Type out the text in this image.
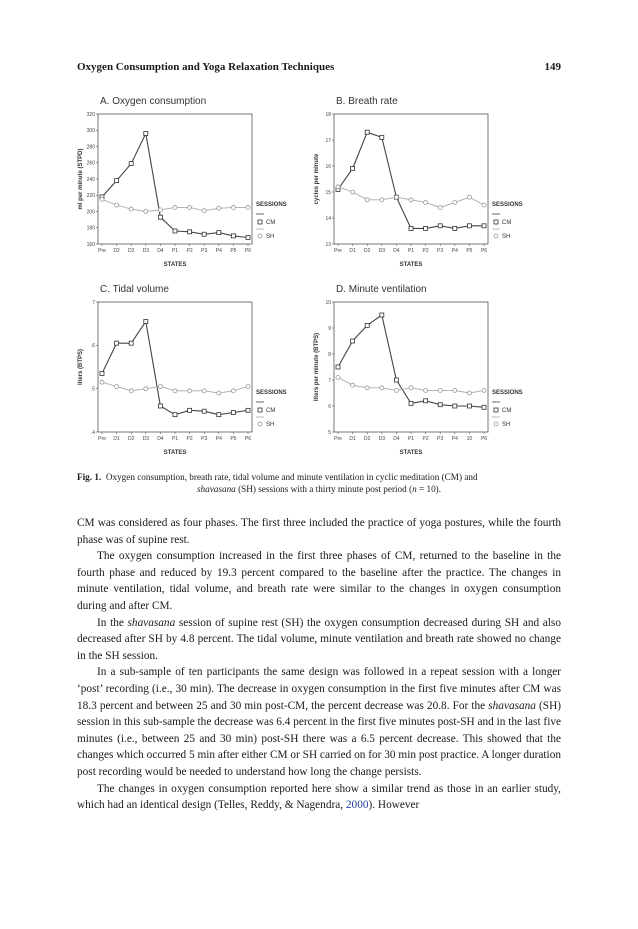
Oxygen Consumption and Yoga Relaxation Techniques	149
A. Oxygen consumption
160
180
200
220
240
260
280
300
320
Pre D2 D2 D3 D4 P1 P2 P3 P4 P5 P6
STATES
ml per minute (STPD)	SESSIONS
CM
SH
B. Breath rate
13
14
15
16
17
18
Pre D1 D2 D3 D4 P1 P2 P3 P4 P5 P6
STATES
cycles per minute
SESSIONS
CM
SH
C. Tidal volume
.4
.5
.6
7
Pre D1 D2 D3 D4 P1 P2 P3 P4 P5 P6
STATES
liters (BTPS)
SESSIONS
CM
SH
D. Minute ventilation
5
6
7
8
9
10
Pre D1 D2 D3 D4 P1 P2 P3 P4 10 P6
STATES
liters per minute (BTPS)	SESSIONS
CM
SH
Fig. 1. Oxygen consumption, breath rate, tidal volume and minute ventilation in cyclic meditation (CM) and
shavasana (SH) sessions with a thirty minute post period (n = 10).

CM was considered as four phases. The first three included the practice of yoga postures, while the fourth phase was of supine rest.

The oxygen consumption increased in the first three phases of CM, returned to the baseline in the fourth phase and reduced by 19.3 percent compared to the baseline after the practice. The changes in minute ventilation, tidal volume, and breath rate were similar to the changes in oxygen consumption during and after CM.

In the shavasana session of supine rest (SH) the oxygen consumption decreased during SH and also decreased after SH by 4.8 percent. The tidal volume, minute ventilation and breath rate showed no change in the SH session.

In a sub-sample of ten participants the same design was followed in a repeat session with a longer ‘post’ recording (i.e., 30 min). The decrease in oxygen consumption in the first five minutes after CM was 18.3 percent and between 25 and 30 min post-CM, the percent decrease was 20.8. For the shavasana (SH) session in this sub-sample the decrease was 6.4 percent in the first five minutes post-SH and in the last five minutes (i.e., between 25 and 30 min) post-SH there was a 6.5 percent decrease. This showed that the changes which occurred 5 min after either CM or SH carried on for 30 min post practice. A longer duration post recording would be needed to understand how long the change persists.

The changes in oxygen consumption reported here show a similar trend as those in an earlier study, which had an identical design (Telles, Reddy, & Nagendra, 2000). However
